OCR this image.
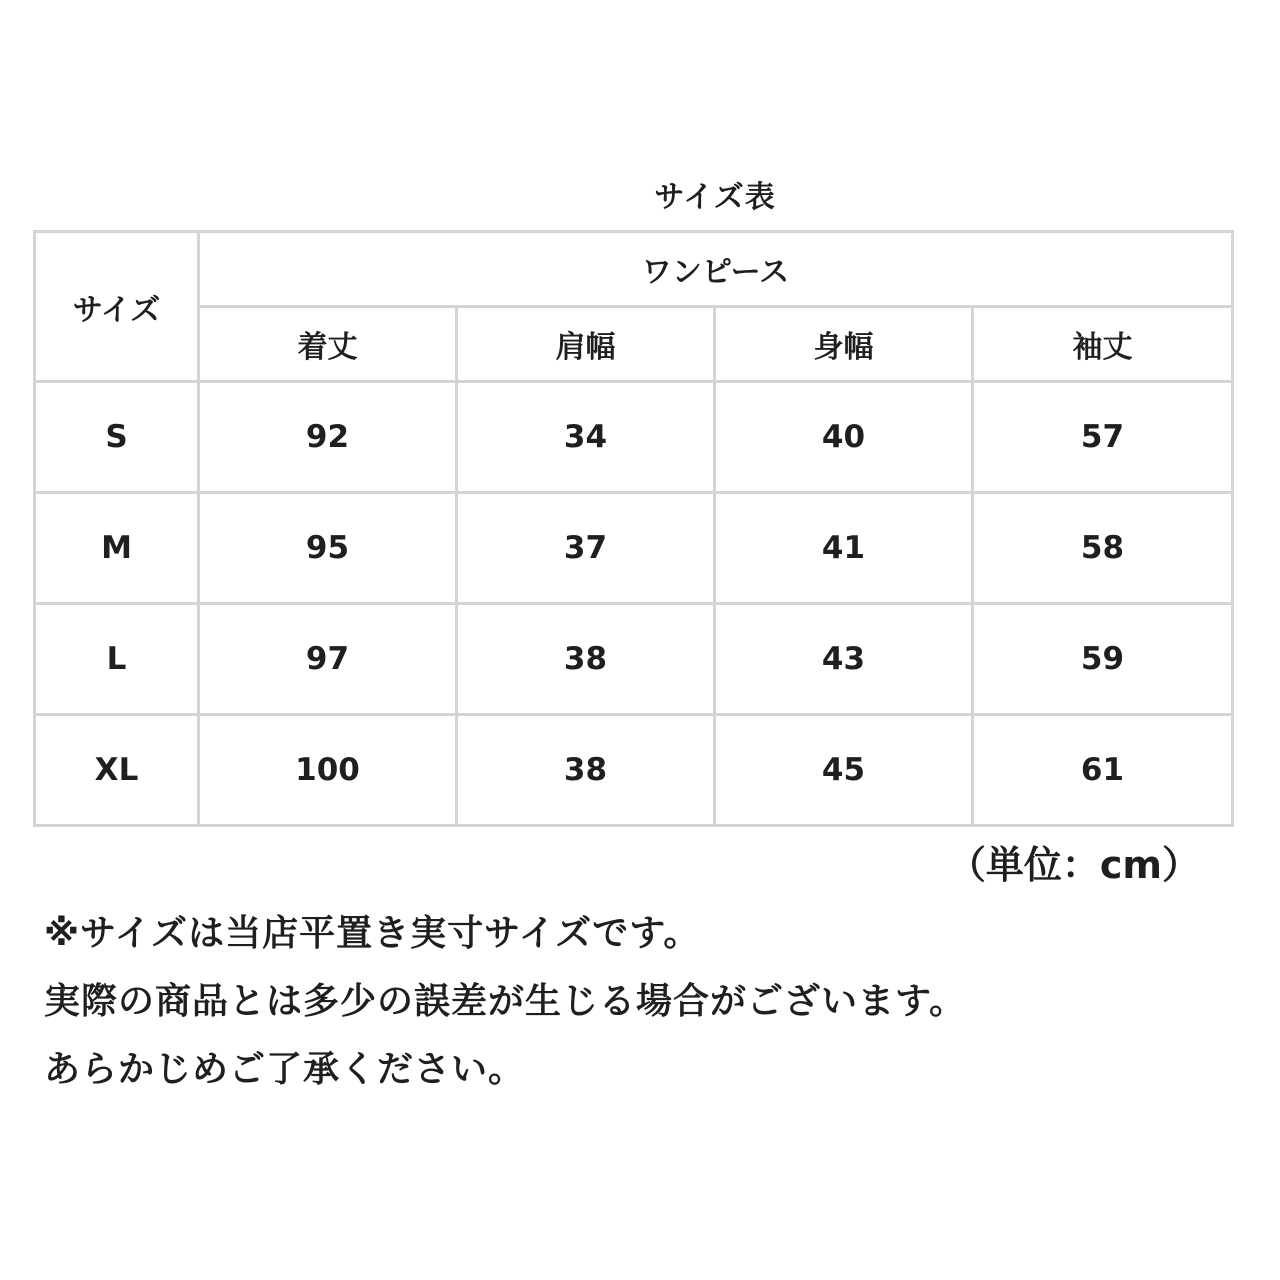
サイズ表
サイズ	ワンピース			
	着丈	肩幅	身幅	袖丈
S	92	34	40	57
M	95	37	41	58
L	97	38	43	59
XL	100	38	45	61
（単位：cm）
※サイズは当店平置き実寸サイズです。
実際の商品とは多少の誤差が生じる場合がございます。
あらかじめご了承ください。
